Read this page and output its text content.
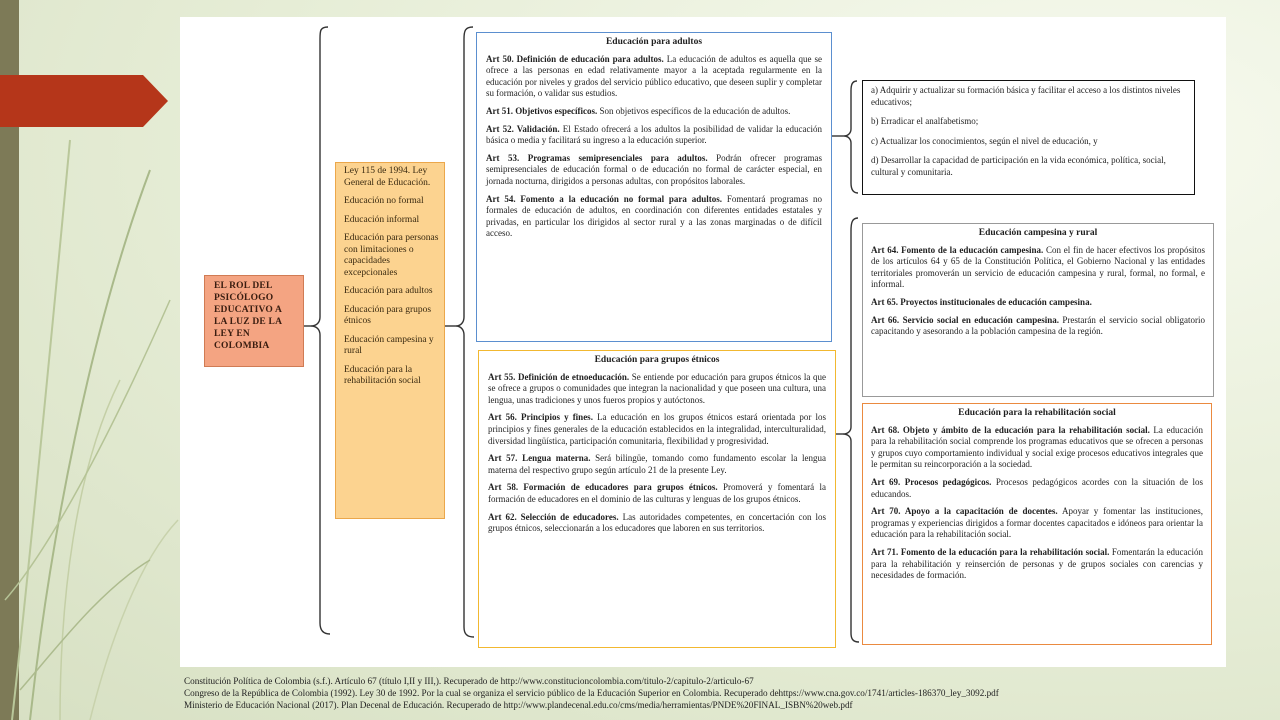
EL ROL DEL PSICÓLOGO EDUCATIVO A LA LUZ DE LA LEY EN COLOMBIA
Ley 115 de 1994. Ley General de Educación.
Educación no formal
Educación informal
Educación para personas con limitaciones o capacidades excepcionales
Educación para adultos
Educación para grupos étnicos
Educación campesina y rural
Educación para la rehabilitación social
Educación para adultos

Art 50. Definición de educación para adultos. La educación de adultos es aquella que se ofrece a las personas en edad relativamente mayor a la aceptada regularmente en la educación por niveles y grados del servicio público educativo, que deseen suplir y completar su formación, o validar sus estudios.

Art 51. Objetivos específicos. Son objetivos específicos de la educación de adultos.

Art 52. Validación. El Estado ofrecerá a los adultos la posibilidad de validar la educación básica o media y facilitará su ingreso a la educación superior.

Art 53. Programas semipresenciales para adultos. Podrán ofrecer programas semipresenciales de educación formal o de educación no formal de carácter especial, en jornada nocturna, dirigidos a personas adultas, con propósitos laborales.

Art 54. Fomento a la educación no formal para adultos. Fomentará programas no formales de educación de adultos, en coordinación con diferentes entidades estatales y privadas, en particular los dirigidos al sector rural y a las zonas marginadas o de difícil acceso.

Educación para grupos étnicos

Art 55. Definición de etnoeducación. Se entiende por educación para grupos étnicos la que se ofrece a grupos o comunidades que integran la nacionalidad y que poseen una cultura, una lengua, unas tradiciones y unos fueros propios y autóctonos.

Art 56. Principios y fines. La educación en los grupos étnicos estará orientada por los principios y fines generales de la educación establecidos en la integralidad, interculturalidad, diversidad lingüística, participación comunitaria, flexibilidad y progresividad.

Art 57. Lengua materna. Será bilingüe, tomando como fundamento escolar la lengua materna del respectivo grupo según artículo 21 de la presente Ley.

Art 58. Formación de educadores para grupos étnicos. Promoverá y fomentará la formación de educadores en el dominio de las culturas y lenguas de los grupos étnicos.

Art 62. Selección de educadores. Las autoridades competentes, en concertación con los grupos étnicos, seleccionarán a los educadores que laboren en sus territorios.

a) Adquirir y actualizar su formación básica y facilitar el acceso a los distintos niveles educativos;

b) Erradicar el analfabetismo;

c) Actualizar los conocimientos, según el nivel de educación, y

d) Desarrollar la capacidad de participación en la vida económica, política, social, cultural y comunitaria.

Educación campesina y rural

Art 64. Fomento de la educación campesina. Con el fin de hacer efectivos los propósitos de los artículos 64 y 65 de la Constitución Política, el Gobierno Nacional y las entidades territoriales promoverán un servicio de educación campesina y rural, formal, no formal, e informal.

Art 65. Proyectos institucionales de educación campesina.

Art 66. Servicio social en educación campesina. Prestarán el servicio social obligatorio capacitando y asesorando a la población campesina de la región.

Educación para la rehabilitación social

Art 68. Objeto y ámbito de la educación para la rehabilitación social. La educación para la rehabilitación social comprende los programas educativos que se ofrecen a personas y grupos cuyo comportamiento individual y social exige procesos educativos integrales que le permitan su reincorporación a la sociedad.

Art 69. Procesos pedagógicos. Procesos pedagógicos acordes con la situación de los educandos.

Art 70. Apoyo a la capacitación de docentes. Apoyar y fomentar las instituciones, programas y experiencias dirigidos a formar docentes capacitados e idóneos para orientar la educación para la rehabilitación social.

Art 71. Fomento de la educación para la rehabilitación social. Fomentarán la educación para la rehabilitación y reinserción de personas y de grupos sociales con carencias y necesidades de formación.

Constitución Política de Colombia (s.f.). Artículo 67 (título I,II y III,). Recuperado de http://www.constitucioncolombia.com/titulo-2/capitulo-2/articulo-67
Congreso de la República de Colombia (1992). Ley 30 de 1992. Por la cual se organiza el servicio público de la Educación Superior en Colombia. Recuperado dehttps://www.cna.gov.co/1741/articles-186370_ley_3092.pdf
Ministerio de Educación Nacional (2017). Plan Decenal de Educación. Recuperado de http://www.plandecenal.edu.co/cms/media/herramientas/PNDE%20FINAL_ISBN%20web.pdf
